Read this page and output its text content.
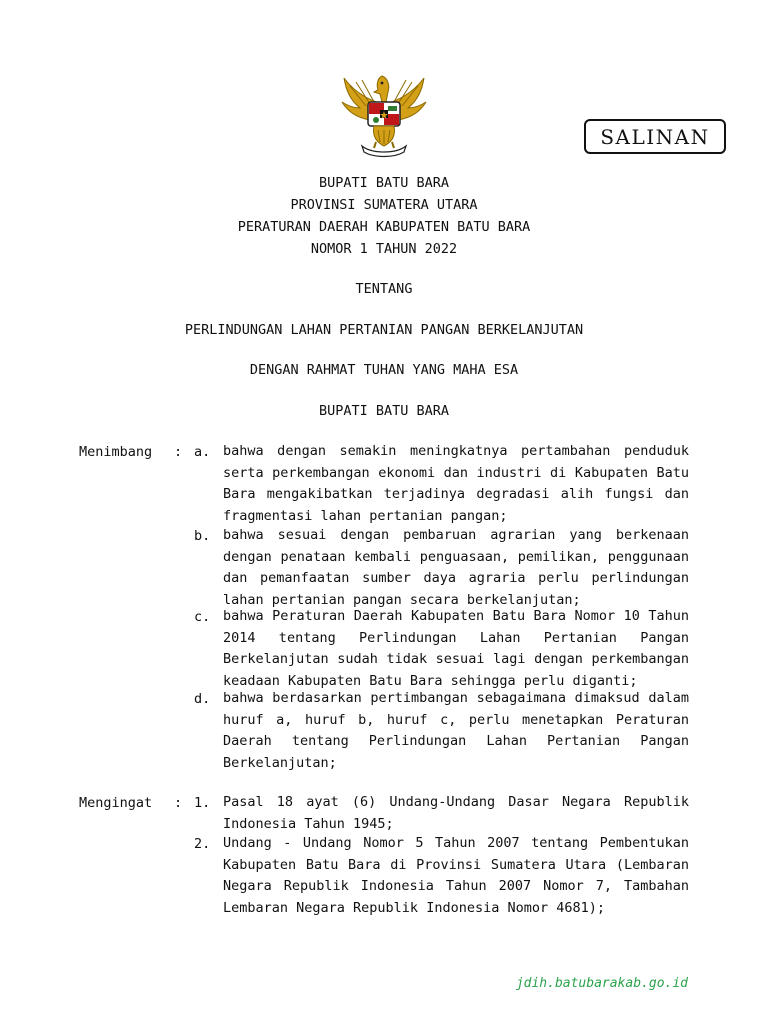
SALINAN
BUPATI BATU BARA
PROVINSI SUMATERA UTARA
PERATURAN DAERAH KABUPATEN BATU BARA
NOMOR 1 TAHUN 2022
TENTANG
PERLINDUNGAN LAHAN PERTANIAN PANGAN BERKELANJUTAN
DENGAN RAHMAT TUHAN YANG MAHA ESA
BUPATI BATU BARA
Menimbang : a. bahwa dengan semakin meningkatnya pertambahan penduduk serta perkembangan ekonomi dan industri di Kabupaten Batu Bara mengakibatkan terjadinya degradasi alih fungsi dan fragmentasi lahan pertanian pangan;
b. bahwa sesuai dengan pembaruan agrarian yang berkenaan dengan penataan kembali penguasaan, pemilikan, penggunaan dan pemanfaatan sumber daya agraria perlu perlindungan lahan pertanian pangan secara berkelanjutan;
c. bahwa Peraturan Daerah Kabupaten Batu Bara Nomor 10 Tahun 2014 tentang Perlindungan Lahan Pertanian Pangan Berkelanjutan sudah tidak sesuai lagi dengan perkembangan keadaan Kabupaten Batu Bara sehingga perlu diganti;
d. bahwa berdasarkan pertimbangan sebagaimana dimaksud dalam huruf a, huruf b, huruf c, perlu menetapkan Peraturan Daerah tentang Perlindungan Lahan Pertanian Pangan Berkelanjutan;
Mengingat : 1. Pasal 18 ayat (6) Undang-Undang Dasar Negara Republik Indonesia Tahun 1945;
2. Undang - Undang Nomor 5 Tahun 2007 tentang Pembentukan Kabupaten Batu Bara di Provinsi Sumatera Utara (Lembaran Negara Republik Indonesia Tahun 2007 Nomor 7, Tambahan Lembaran Negara Republik Indonesia Nomor 4681);
jdih.batubarakab.go.id
